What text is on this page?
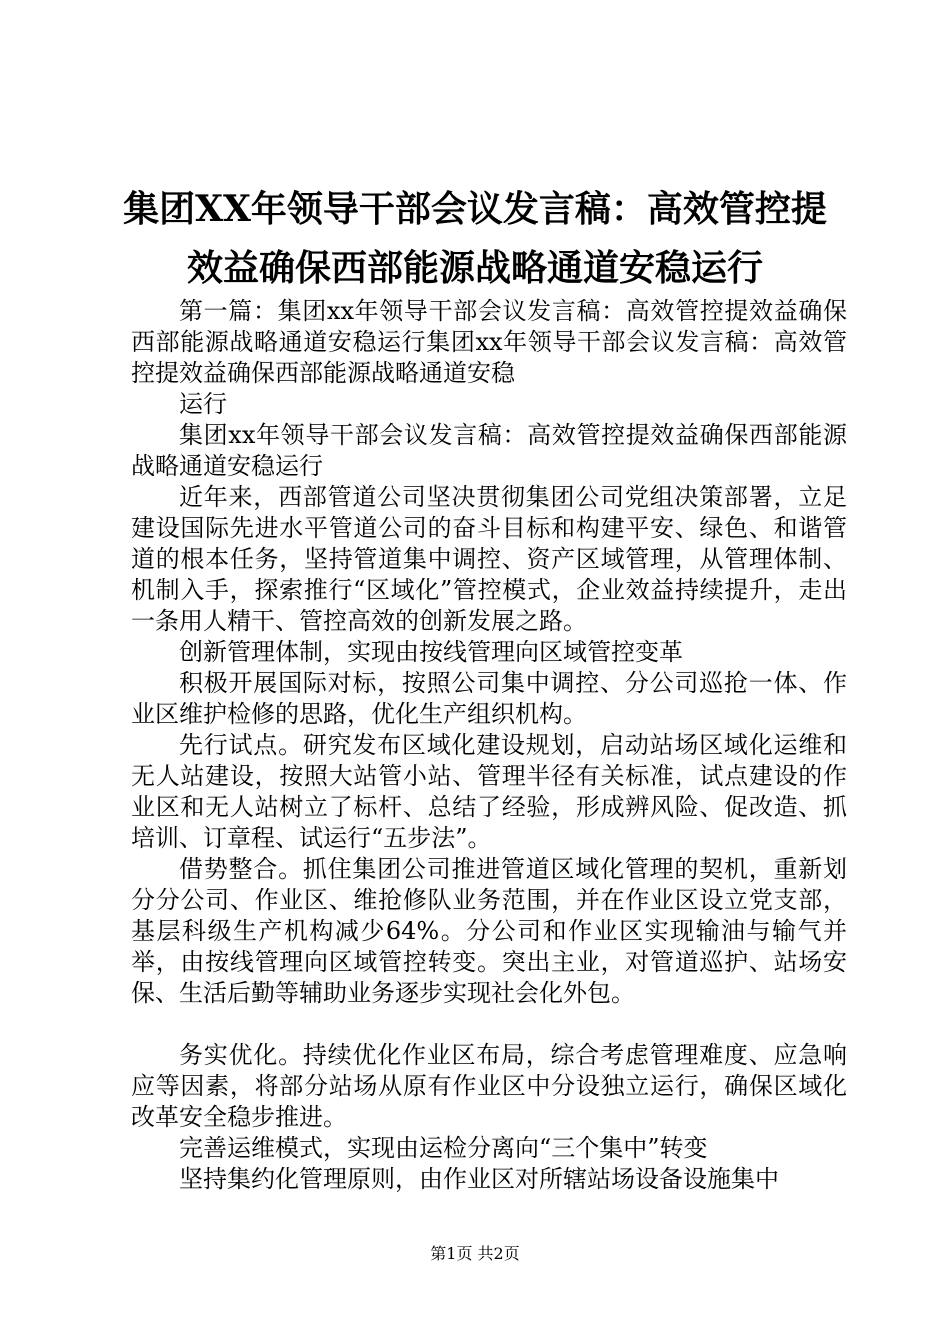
集团XX年领导干部会议发言稿：高效管控提
效益确保西部能源战略通道安稳运行

第一篇：集团xx年领导干部会议发言稿：高效管控提效益确保西部能源战略通道安稳运行集团xx年领导干部会议发言稿：高效管控提效益确保西部能源战略通道安稳

运行

集团xx年领导干部会议发言稿：高效管控提效益确保西部能源战略通道安稳运行

近年来，西部管道公司坚决贯彻集团公司党组决策部署，立足建设国际先进水平管道公司的奋斗目标和构建平安、绿色、和谐管道的根本任务，坚持管道集中调控、资产区域管理，从管理体制、机制入手，探索推行“区域化”管控模式，企业效益持续提升，走出一条用人精干、管控高效的创新发展之路。

创新管理体制，实现由按线管理向区域管控变革

积极开展国际对标，按照公司集中调控、分公司巡抢一体、作业区维护检修的思路，优化生产组织机构。

先行试点。研究发布区域化建设规划，启动站场区域化运维和无人站建设，按照大站管小站、管理半径有关标准，试点建设的作业区和无人站树立了标杆、总结了经验，形成辨风险、促改造、抓培训、订章程、试运行“五步法”。

借势整合。抓住集团公司推进管道区域化管理的契机，重新划分分公司、作业区、维抢修队业务范围，并在作业区设立党支部，基层科级生产机构减少64%。分公司和作业区实现输油与输气并举，由按线管理向区域管控转变。突出主业，对管道巡护、站场安保、生活后勤等辅助业务逐步实现社会化外包。

务实优化。持续优化作业区布局，综合考虑管理难度、应急响应等因素，将部分站场从原有作业区中分设独立运行，确保区域化改革安全稳步推进。

完善运维模式，实现由运检分离向“三个集中”转变

坚持集约化管理原则，由作业区对所辖站场设备设施集中

第1页 共2页
